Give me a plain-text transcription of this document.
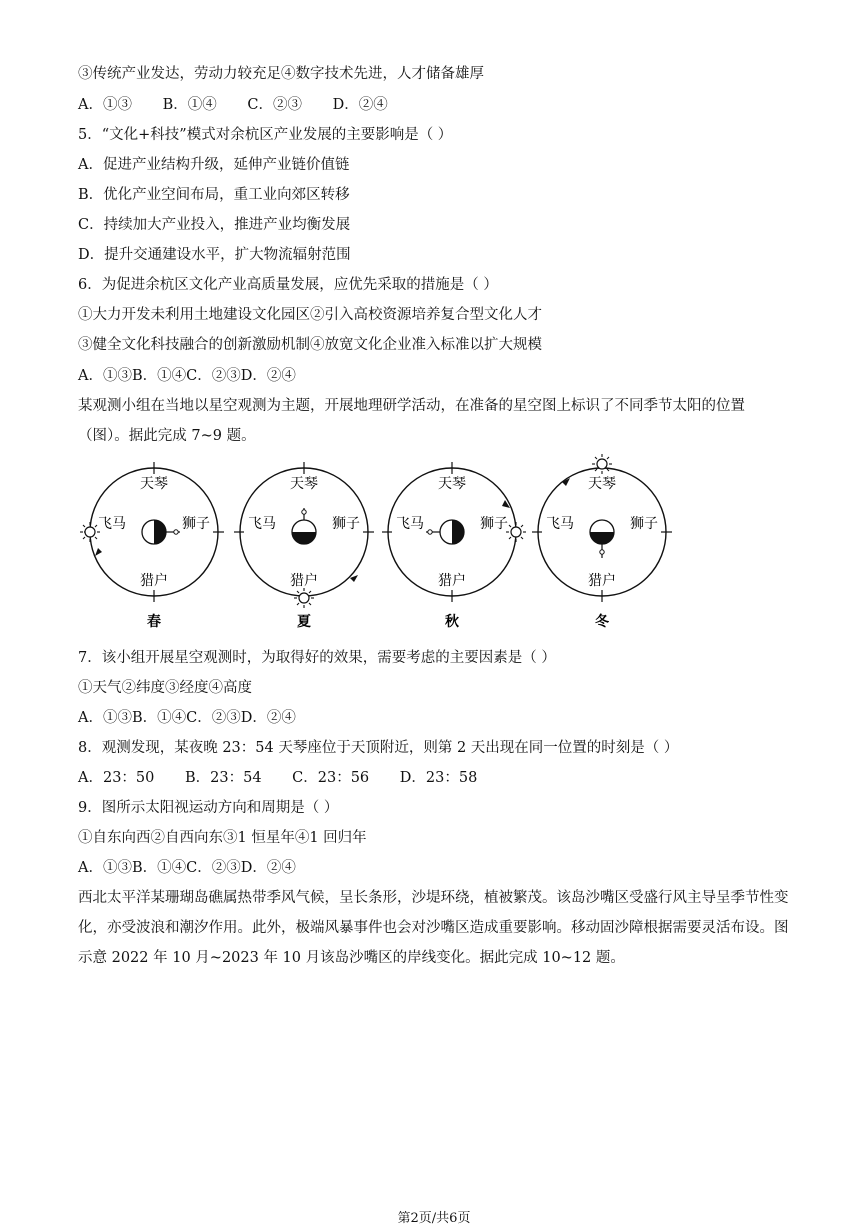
③传统产业发达，劳动力较充足④数字技术先进，人才储备雄厚
A．①③ B．①④ C．②③ D．②④
5．“文化+科技”模式对余杭区产业发展的主要影响是（ ）
A．促进产业结构升级，延伸产业链价值链
B．优化产业空间布局，重工业向郊区转移
C．持续加大产业投入，推进产业均衡发展
D．提升交通建设水平，扩大物流辐射范围
6．为促进余杭区文化产业高质量发展，应优先采取的措施是（ ）
①大力开发未利用土地建设文化园区②引入高校资源培养复合型文化人才
③健全文化科技融合的创新激励机制④放宽文化企业准入标准以扩大规模
A．①③B．①④C．②③D．②④
某观测小组在当地以星空观测为主题，开展地理研学活动，在准备的星空图上标识了不同季节太阳的位置（图）。据此完成 7~9 题。
天琴
猎户
飞马	狮子
春
天琴
猎户
飞马	狮子
夏
天琴
猎户
飞马	狮子
秋
天琴
猎户
飞马	狮子
冬
7．该小组开展星空观测时，为取得好的效果，需要考虑的主要因素是（ ）
①天气②纬度③经度④高度
A．①③B．①④C．②③D．②④
8．观测发现，某夜晚 23：54 天琴座位于天顶附近，则第 2 天出现在同一位置的时刻是（ ）
A．23：50 B．23：54 C．23：56 D．23：58
9．图所示太阳视运动方向和周期是（ ）
①自东向西②自西向东③1 恒星年④1 回归年
A．①③B．①④C．②③D．②④
西北太平洋某珊瑚岛礁属热带季风气候，呈长条形，沙堤环绕，植被繁茂。该岛沙嘴区受盛行风主导呈季节性变化，亦受波浪和潮汐作用。此外，极端风暴事件也会对沙嘴区造成重要影响。移动固沙障根据需要灵活布设。图示意 2022 年 10 月~2023 年 10 月该岛沙嘴区的岸线变化。据此完成 10~12 题。
第2页/共6页
